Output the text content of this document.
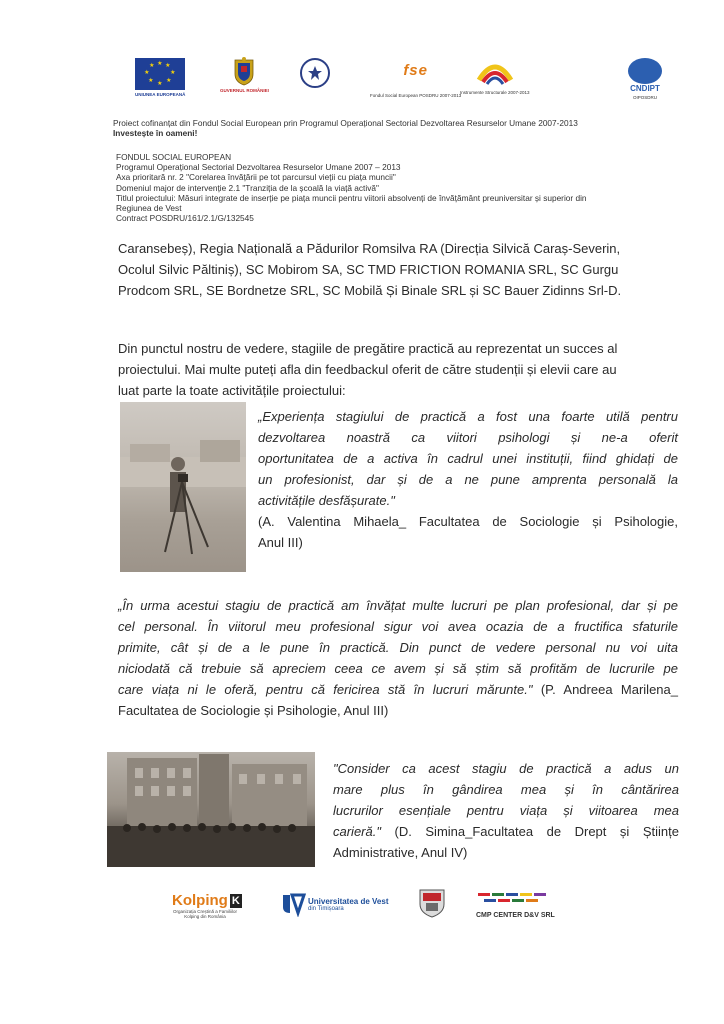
★ ★
★
★
★
★
★
★
UNIUNEA EUROPEANĂ
GUVERNUL ROMÂNIEI
fse
Fondul Social European POSDRU 2007-2013
Instrumente Structurale 2007-2013	CNDIPT
OIPOSDRU
Proiect cofinanțat din Fondul Social European prin Programul Operațional Sectorial Dezvoltarea Resurselor Umane 2007-2013
Investește în oameni!
FONDUL SOCIAL EUROPEAN
Programul Operațional Sectorial Dezvoltarea Resurselor Umane 2007 – 2013
Axa prioritară nr. 2 "Corelarea învățării pe tot parcursul vieții cu piața muncii"
Domeniul major de intervenție 2.1 "Tranziția de la școală la viață activă"
Titlul proiectului: Măsuri integrate de inserție pe piața muncii pentru viitorii absolvenți de învățământ preuniversitar și superior din
Regiunea de Vest
Contract POSDRU/161/2.1/G/132545
Caransebeș), Regia Națională a Pădurilor Romsilva RA (Direcția Silvică Caraș-Severin,
Ocolul Silvic Păltiniș), SC Mobirom SA, SC TMD FRICTION ROMANIA SRL, SC Gurgu
Prodcom SRL, SE Bordnetze SRL, SC Mobilă Și Binale SRL și SC Bauer Zidinns Srl-D.
Din punctul nostru de vedere, stagiile de pregătire practică au reprezentat un succes al
proiectului. Mai multe puteți afla din feedbackul oferit de către studenții și elevii care au
luat parte la toate activitățile proiectului:
„Experiența stagiului de practică a fost una foarte utilă pentru
dezvoltarea noastră ca viitori psihologi și ne-a oferit
oportunitatea de a activa în cadrul unei instituții, fiind ghidați de
un profesionist, dar și de a ne pune amprenta personală la
activitățile desfășurate."
(A. Valentina Mihaela_ Facultatea de Sociologie și Psihologie,
Anul III)
„În urma acestui stagiu de practică am învățat multe lucruri pe plan profesional, dar și pe
cel personal. În viitorul meu profesional sigur voi avea ocazia de a fructifica sfaturile
primite, cât și de a le pune în practică. Din punct de vedere personal nu voi uita
niciodată că trebuie să apreciem ceea ce avem și să știm să profităm de lucrurile pe
care viața ni le oferă, pentru că fericirea stă în lucruri mărunte." (P. Andreea Marilena_
Facultatea de Sociologie și Psihologie, Anul III)
"Consider ca acest stagiu de practică a adus un
mare plus în gândirea mea și în cântărirea
lucrurilor esențiale pentru viața și viitoarea mea
carieră." (D. Simina_Facultatea de Drept și Științe
Administrative, Anul IV)
Kolping K
Organizația Creștină a Familiilor Kolping din România
Universitatea de Vest
din Timișoara
CMP CENTER D&V SRL
